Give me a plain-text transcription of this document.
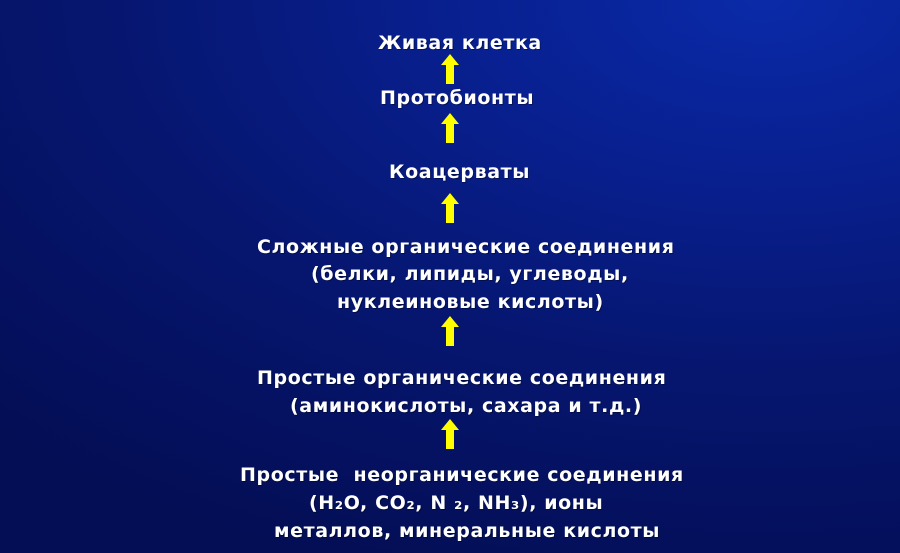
Живая клетка
Протобионты
Коацерваты
Сложные органические соединения
(белки, липиды, углеводы,
нуклеиновые кислоты)
Простые органические соединения
(аминокислоты, сахара и т.д.)
Простые  неорганические соединения
(H₂O, CO₂, N ₂, NH₃), ионы
металлов, минеральные кислоты
